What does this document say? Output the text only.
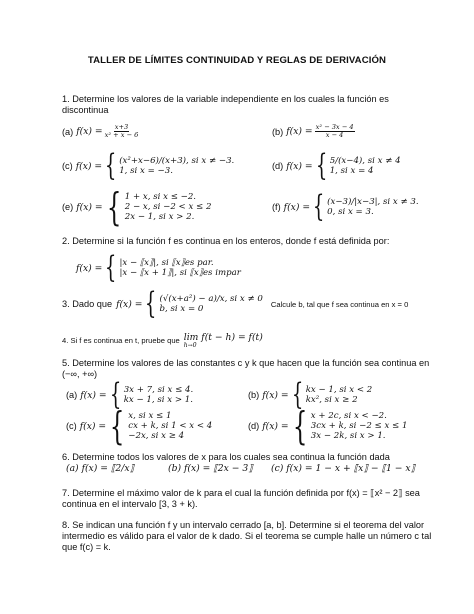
TALLER DE LÍMITES CONTINUIDAD Y REGLAS DE DERIVACIÓN
1. Determine los valores de la variable independiente en los cuales la función es discontinua
(a) $f(x) = \frac{x+3}{\text{x² + x − 6}}$	(b) $f(x) = \frac{\text{x² − 3x − 4}}{x - 4}$
(c) f(x) = { (x²+x−6)/(x+3), si x ≠ −3.
1, si x = −3.	(d) f(x) = { 5/(x−4), si x ≠ 4
1, si x = 4
(e) f(x) = { 1 + x, si x ≤ −2.
2 − x, si −2 < x ≤ 2
2x − 1, si x > 2.
(f) f(x) = { (x−3)/|x−3|, si x ≠ 3.
0, si x = 3.
2. Determine si la función f es continua en los enteros, donde f está definida por:
f(x) = { |x − ⟦x⟧|, si ⟦x⟧es par.
|x − ⟦x + 1⟧|, si ⟦x⟧es impar
3. Dado que f(x) = { (√(x+a²) − a)/x, si x ≠ 0
b, si x = 0	Calcule b, tal que f sea continua en x = 0
4. Si f es continua en t, pruebe que lim f(t − h) = f(t)
h→0
5. Determine los valores de las constantes c y k que hacen que la función sea continua en (−∞, +∞)
(a) f(x) = { 3x + 7, si x ≤ 4.
kx − 1, si x > 1.	(b) f(x) = { kx − 1, si x < 2
kx², si x ≥ 2
(c) f(x) = { x, si x ≤ 1
cx + k, si 1 < x < 4
−2x, si x ≥ 4
(d) f(x) = { x + 2c, si x < −2.
3cx + k, si −2 ≤ x ≤ 1
3x − 2k, si x > 1.
6. Determine todos los valores de x para los cuales sea continua la función dada
(a) f(x) = ⟦2/x⟧	(b) f(x) = ⟦2x − 3⟧ (c) f(x) = 1 − x + ⟦x⟧ − ⟦1 − x⟧
7. Determine el máximo valor de k para el cual la función definida por f(x) = ⟦x² − 2⟧ sea continua en el intervalo [3, 3 + k).
8. Se indican una función f y un intervalo cerrado [a, b]. Determine si el teorema del valor intermedio es válido para el valor de k dado. Si el teorema se cumple halle un número c tal que f(c) = k.
